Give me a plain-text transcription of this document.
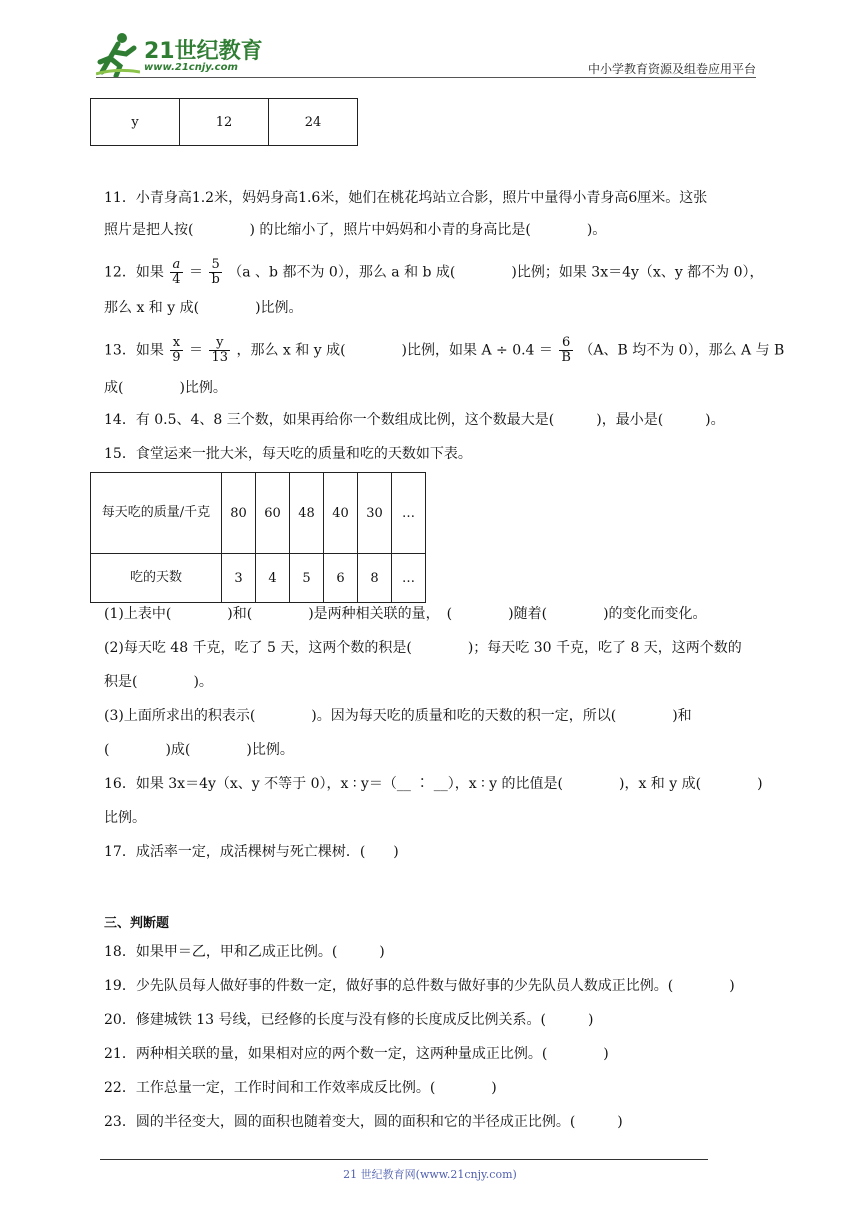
21世纪教育
www.21cnjy.com	中小学教育资源及组卷应用平台
y	12	24
11．小青身高1.2米，妈妈身高1.6米，她们在桃花坞站立合影，照片中量得小青身高6厘米。这张
照片是把人按(　　　　) 的比缩小了，照片中妈妈和小青的身高比是(　　　　)。
12．如果 $\frac{a}{4} = \frac{5}{b} (a$ 、b 都不为 0），那么 a 和 b 成(　　　　)比例；如果 3x＝4y（x、y 都不为 0），
那么 x 和 y 成(　　　　)比例。
13．如果 $\frac{x}{9} = \frac{y}{13}$ ，那么 x 和 y 成(　　　　)比例，如果 $A \div 0.4 = \frac{6}{B} (A$、B 均不为 0），那么 A 与 B
成(　　　　)比例。
14．有 0.5、4、8 三个数，如果再给你一个数组成比例，这个数最大是(　　　)，最小是(　　　)。
15．食堂运来一批大米，每天吃的质量和吃的天数如下表。
每天吃的质量/千克	80	60	48	40	30	…
吃的天数	3	4	5	6	8	…
(1)上表中(　　　　)和(　　　　)是两种相关联的量，　(　　　　)随着(　　　　)的变化而变化。
(2)每天吃 48 千克，吃了 5 天，这两个数的积是(　　　　)；每天吃 30 千克，吃了 8 天，这两个数的
积是(　　　　)。
(3)上面所求出的积表示(　　　　)。因为每天吃的质量和吃的天数的积一定，所以(　　　　)和
(　　　　)成(　　　　)比例。
16．如果 3x＝4y（x、y 不等于 0），x ∶ y＝（__ ∶ __），x ∶ y 的比值是(　　　　)，x 和 y 成(　　　　)
比例。
17．成活率一定，成活棵树与死亡棵树．(　　)
三、判断题
18．如果甲＝乙，甲和乙成正比例。(　　　)
19．少先队员每人做好事的件数一定，做好事的总件数与做好事的少先队员人数成正比例。(　　　　)
20．修建城铁 13 号线，已经修的长度与没有修的长度成反比例关系。(　　　)
21．两种相关联的量，如果相对应的两个数一定，这两种量成正比例。(　　　　)
22．工作总量一定，工作时间和工作效率成反比例。(　　　　)
23．圆的半径变大，圆的面积也随着变大，圆的面积和它的半径成正比例。(　　　)
21 世纪教育网(www.21cnjy.com)
